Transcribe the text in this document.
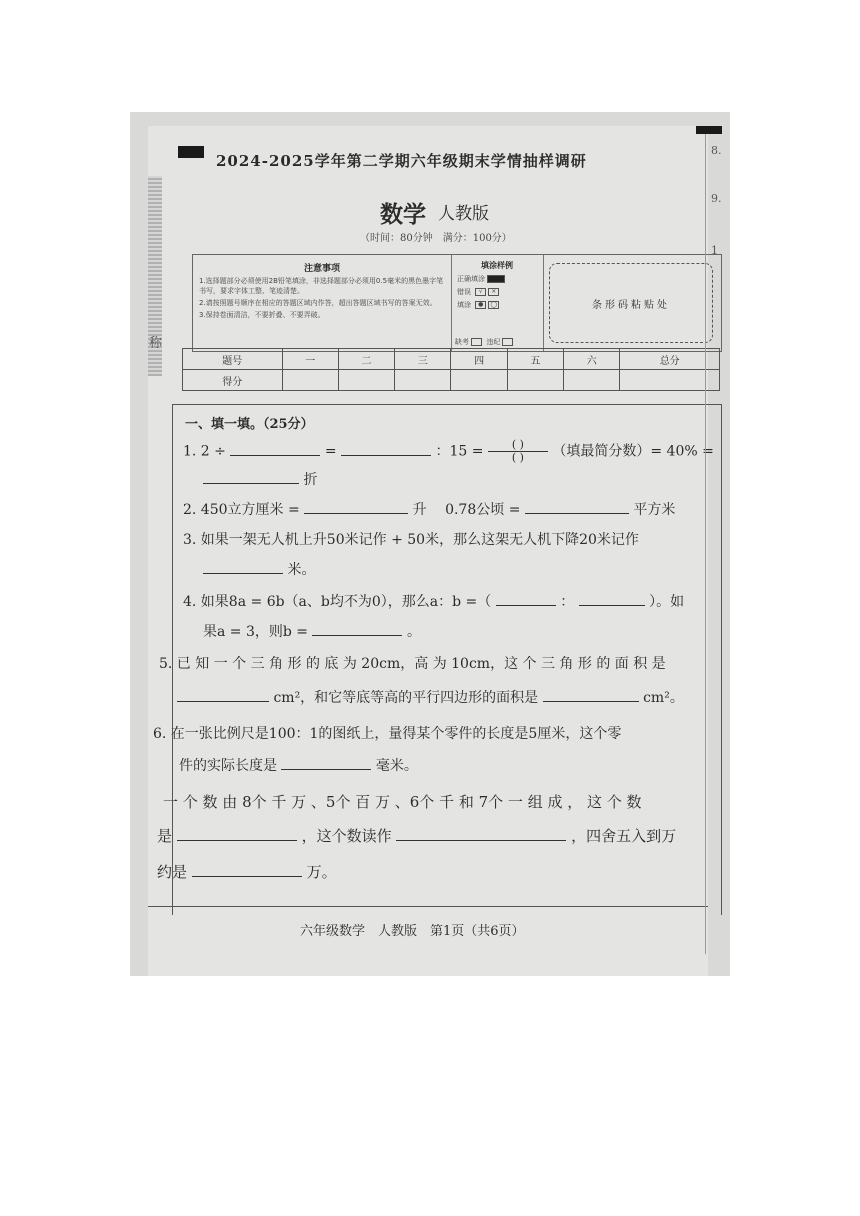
称
2024-2025学年第二学期六年级期末学情抽样调研
数学 人教版
（时间：80分钟　满分：100分）
注意事项
1.选择题部分必须使用2B铅笔填涂，非选择题部分必须用0.5毫米的黑色墨字笔书写，要求字体工整、笔迹清楚。
2.请按照题号顺序在相应的答题区域内作答，超出答题区域书写的答案无效。
3.保持卷面清洁，不要折叠、不要弄破。
填涂样例
正确填涂
错误 √ ×
填涂 ● ◯
缺考 违纪
条形码粘贴处
题号	一	二	三	四	五	六	总分
得分							
一、填一填。（25分）
1. 2 ÷	=	：$15 = \frac{( )}{( )}$ （填最简分数）= 40% =
折
2. 450立方厘米 =	升　 0.78公顷 =	平方米
3. 如果一架无人机上升50米记作 + 50米，那么这架无人机下降20米记作
米。
4. 如果8a = 6b（a、b均不为0），那么a：b =（	：	）。如
果a = 3，则b =	。
5. 已 知 一 个 三 角 形 的 底 为 20cm，高 为 10cm，这 个 三 角 形 的 面 积 是
cm²，和它等底等高的平行四边形的面积是	cm²。
6. 在一张比例尺是100：1的图纸上，量得某个零件的长度是5厘米，这个零
件的实际长度是	毫米。
一 个 数 由 8个 千 万 、5个 百 万 、6个 千 和 7个 一 组 成 ， 这 个 数
是	，这个数读作	，四舍五入到万
约是	万。
六年级数学　人教版　第1页（共6页）
8.
9.
1
